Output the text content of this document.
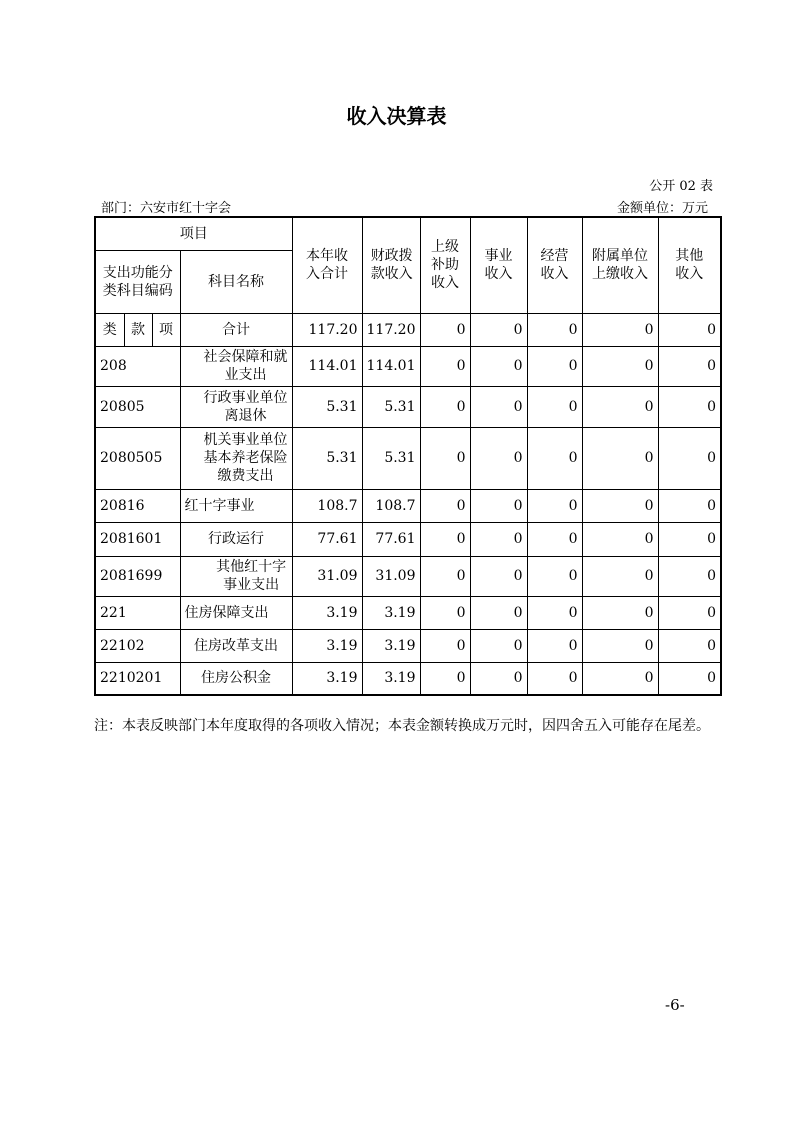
收入决算表
公开 02 表
部门：六安市红十字会	金额单位：万元
项目				本年收入合计	财政拨款收入	上级补助收入	事业收入	经营收入	附属单位上缴收入	其他收入

支出功能分类科目编码			科目名称							
类	款	项	合计	117.20	117.20	0	0	0	0	0
208			社会保障和就业支出	114.01	114.01	0	0	0	0	0
20805			行政事业单位离退休	5.31	5.31	0	0	0	0	0
2080505			机关事业单位基本养老保险缴费支出	5.31	5.31	0	0	0	0	0
20816			红十字事业	108.7	108.7	0	0	0	0	0
2081601			行政运行	77.61	77.61	0	0	0	0	0
2081699			其他红十字事业支出	31.09	31.09	0	0	0	0	0
221			住房保障支出	3.19	3.19	0	0	0	0	0
22102			住房改革支出	3.19	3.19	0	0	0	0	0
2210201			住房公积金	3.19	3.19	0	0	0	0	0
注：本表反映部门本年度取得的各项收入情况；本表金额转换成万元时，因四舍五入可能存在尾差。
-6-
